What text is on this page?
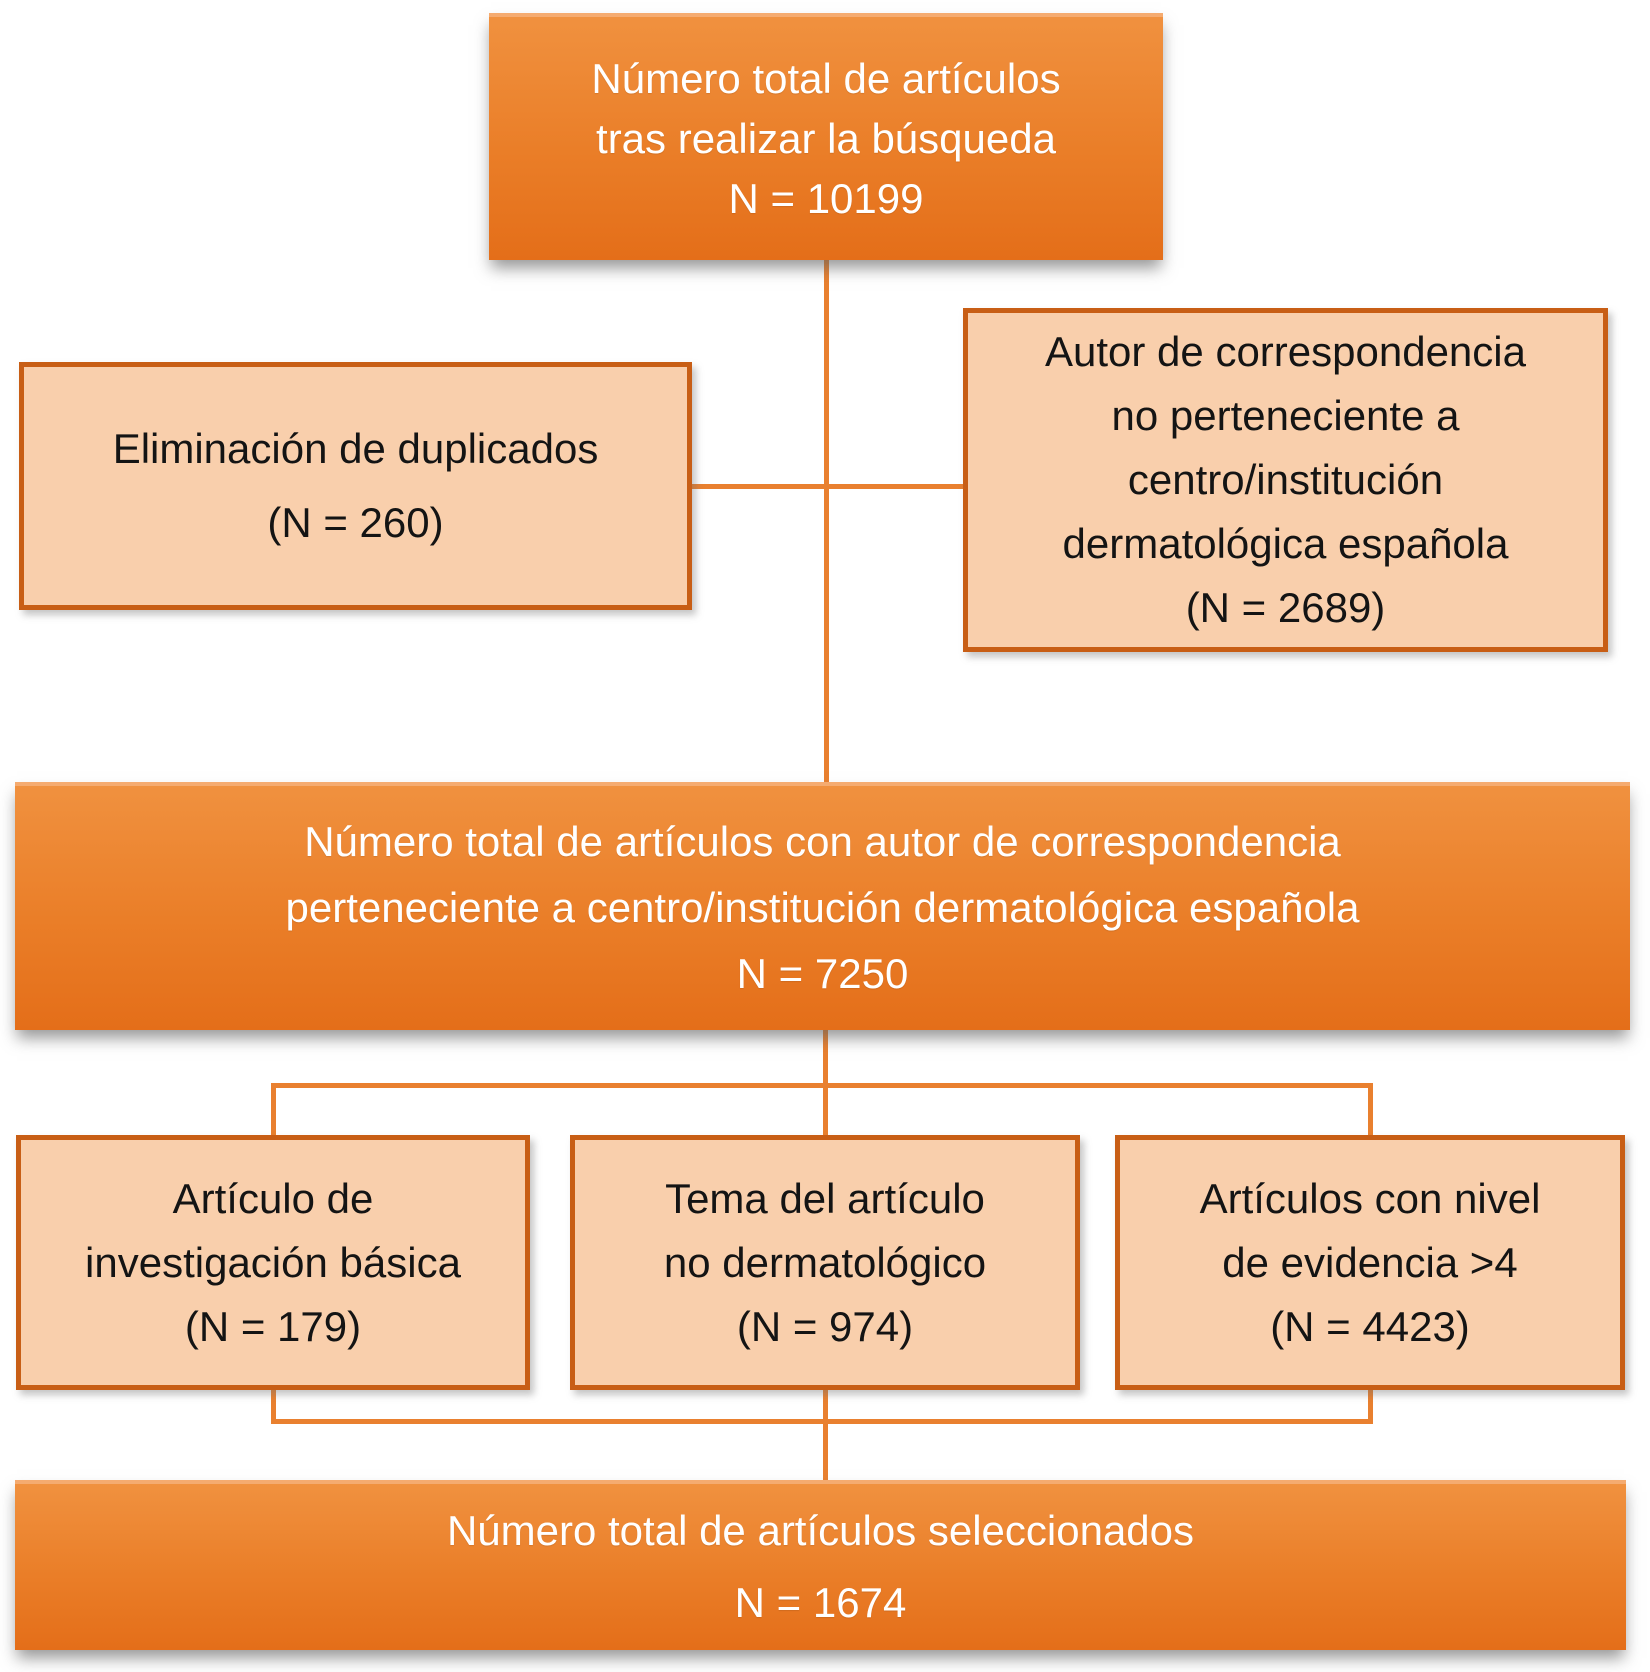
Número total de artículos
tras realizar la búsqueda
N = 10199
Eliminación de duplicados
(N = 260)
Autor de correspondencia
no perteneciente a
centro/institución
dermatológica española
(N = 2689)
Número total de artículos con autor de correspondencia
perteneciente a centro/institución dermatológica española
N = 7250
Artículo de
investigación básica
(N = 179)
Tema del artículo
no dermatológico
(N = 974)
Artículos con nivel
de evidencia >4
(N = 4423)
Número total de artículos seleccionados
N = 1674
